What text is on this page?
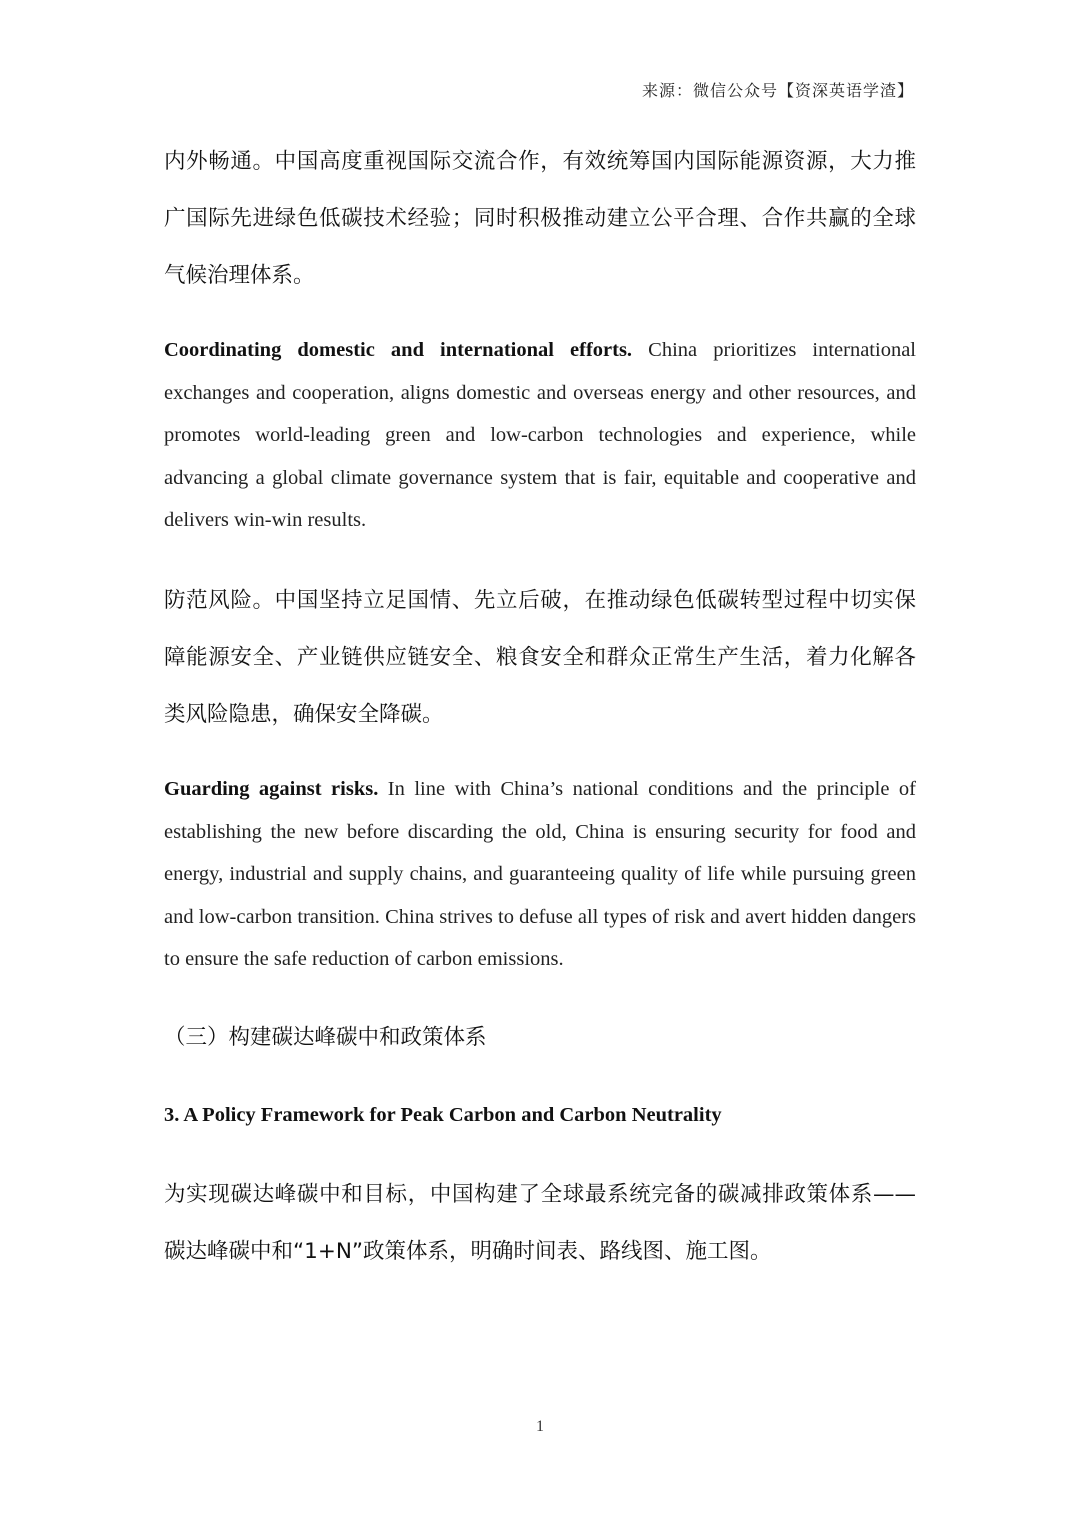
来源：微信公众号【资深英语学渣】

内外畅通。中国高度重视国际交流合作，有效统筹国内国际能源资源，大力推广国际先进绿色低碳技术经验；同时积极推动建立公平合理、合作共赢的全球气候治理体系。

Coordinating domestic and international efforts. China prioritizes international exchanges and cooperation, aligns domestic and overseas energy and other resources, and promotes world-leading green and low-carbon technologies and experience, while advancing a global climate governance system that is fair, equitable and cooperative and delivers win-win results.

防范风险。中国坚持立足国情、先立后破，在推动绿色低碳转型过程中切实保障能源安全、产业链供应链安全、粮食安全和群众正常生产生活，着力化解各类风险隐患，确保安全降碳。

Guarding against risks. In line with China’s national conditions and the principle of establishing the new before discarding the old, China is ensuring security for food and energy, industrial and supply chains, and guaranteeing quality of life while pursuing green and low-carbon transition. China strives to defuse all types of risk and avert hidden dangers to ensure the safe reduction of carbon emissions.

（三）构建碳达峰碳中和政策体系

3. A Policy Framework for Peak Carbon and Carbon Neutrality

为实现碳达峰碳中和目标，中国构建了全球最系统完备的碳减排政策体系——碳达峰碳中和“1+N”政策体系，明确时间表、路线图、施工图。

1
